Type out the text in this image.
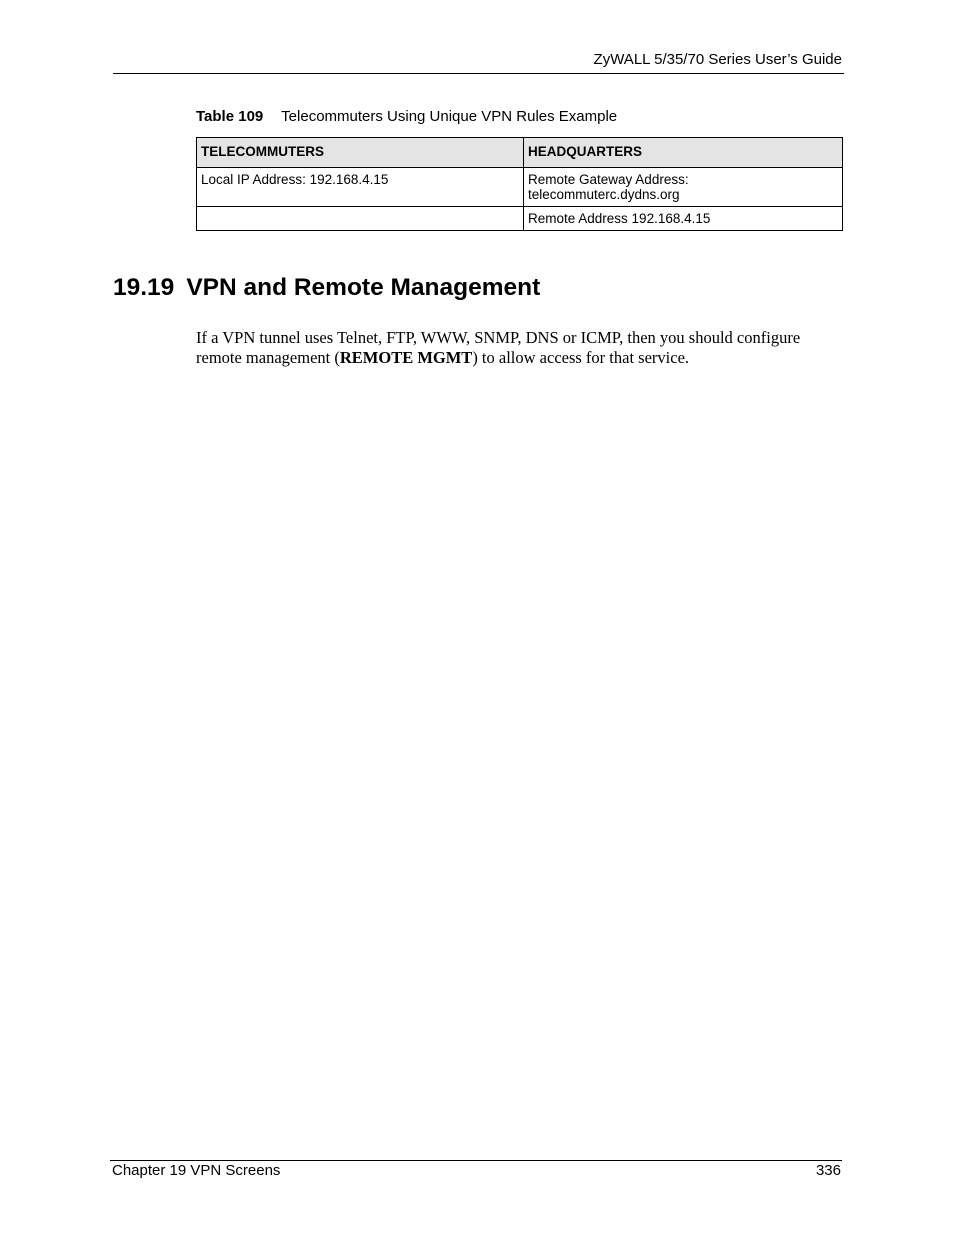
ZyWALL 5/35/70 Series User’s Guide
Table 109 Telecommuters Using Unique VPN Rules Example
TELECOMMUTERS	HEADQUARTERS

Local IP Address: 192.168.4.15	Remote Gateway Address:
telecommuterc.dydns.org

	Remote Address 192.168.4.15
19.19 VPN and Remote Management

If a VPN tunnel uses Telnet, FTP, WWW, SNMP, DNS or ICMP, then you should configure
remote management (REMOTE MGMT) to allow access for that service.

Chapter 19 VPN Screens	336
